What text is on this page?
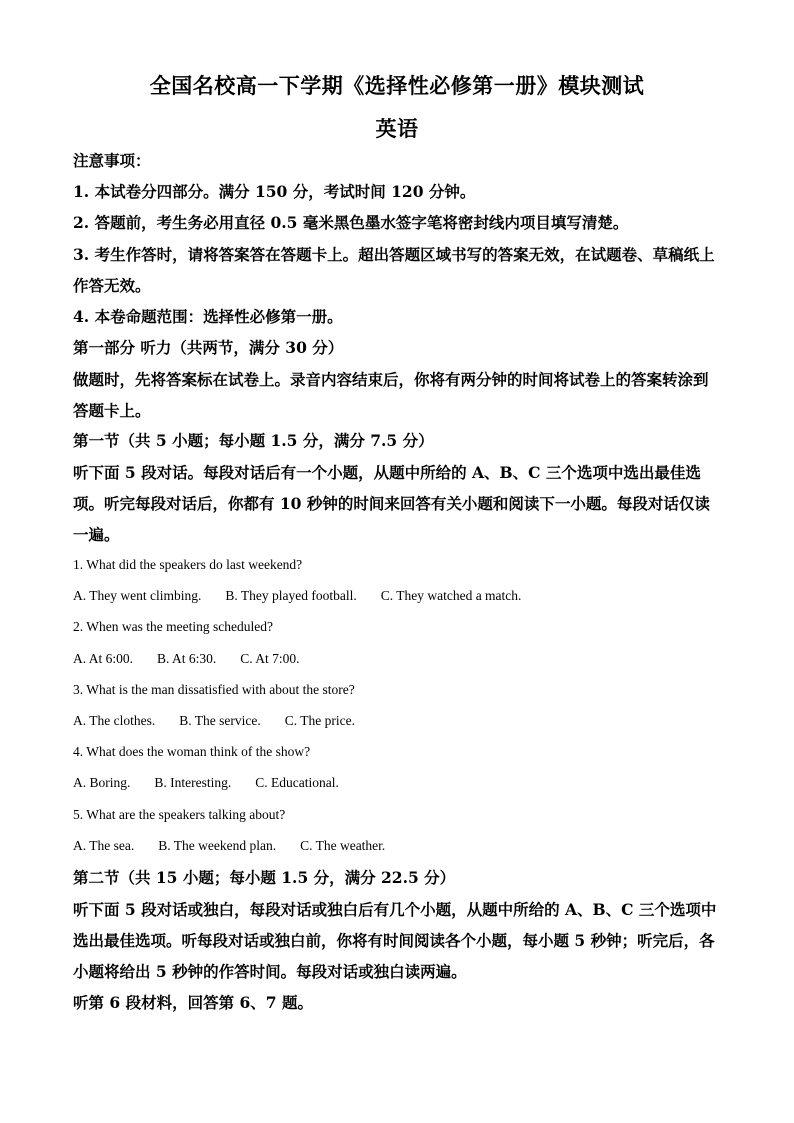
全国名校高一下学期《选择性必修第一册》模块测试
英语
注意事项：
1. 本试卷分四部分。满分 150 分，考试时间 120 分钟。
2. 答题前，考生务必用直径 0.5 毫米黑色墨水签字笔将密封线内项目填写清楚。
3. 考生作答时，请将答案答在答题卡上。超出答题区域书写的答案无效，在试题卷、草稿纸上作答无效。
4. 本卷命题范围：选择性必修第一册。
第一部分 听力（共两节，满分 30 分）
做题时，先将答案标在试卷上。录音内容结束后，你将有两分钟的时间将试卷上的答案转涂到答题卡上。
第一节（共 5 小题；每小题 1.5 分，满分 7.5 分）
听下面 5 段对话。每段对话后有一个小题，从题中所给的 A、B、C 三个选项中选出最佳选项。听完每段对话后，你都有 10 秒钟的时间来回答有关小题和阅读下一小题。每段对话仅读一遍。
1. What did the speakers do last weekend?
A. They went climbing. B. They played football. C. They watched a match.
2. When was the meeting scheduled?
A. At 6:00. B. At 6:30. C. At 7:00.
3. What is the man dissatisfied with about the store?
A. The clothes. B. The service. C. The price.
4. What does the woman think of the show?
A. Boring. B. Interesting. C. Educational.
5. What are the speakers talking about?
A. The sea. B. The weekend plan. C. The weather.
第二节（共 15 小题；每小题 1.5 分，满分 22.5 分）
听下面 5 段对话或独白，每段对话或独白后有几个小题，从题中所给的 A、B、C 三个选项中选出最佳选项。听每段对话或独白前，你将有时间阅读各个小题，每小题 5 秒钟；听完后，各小题将给出 5 秒钟的作答时间。每段对话或独白读两遍。
听第 6 段材料，回答第 6、7 题。
